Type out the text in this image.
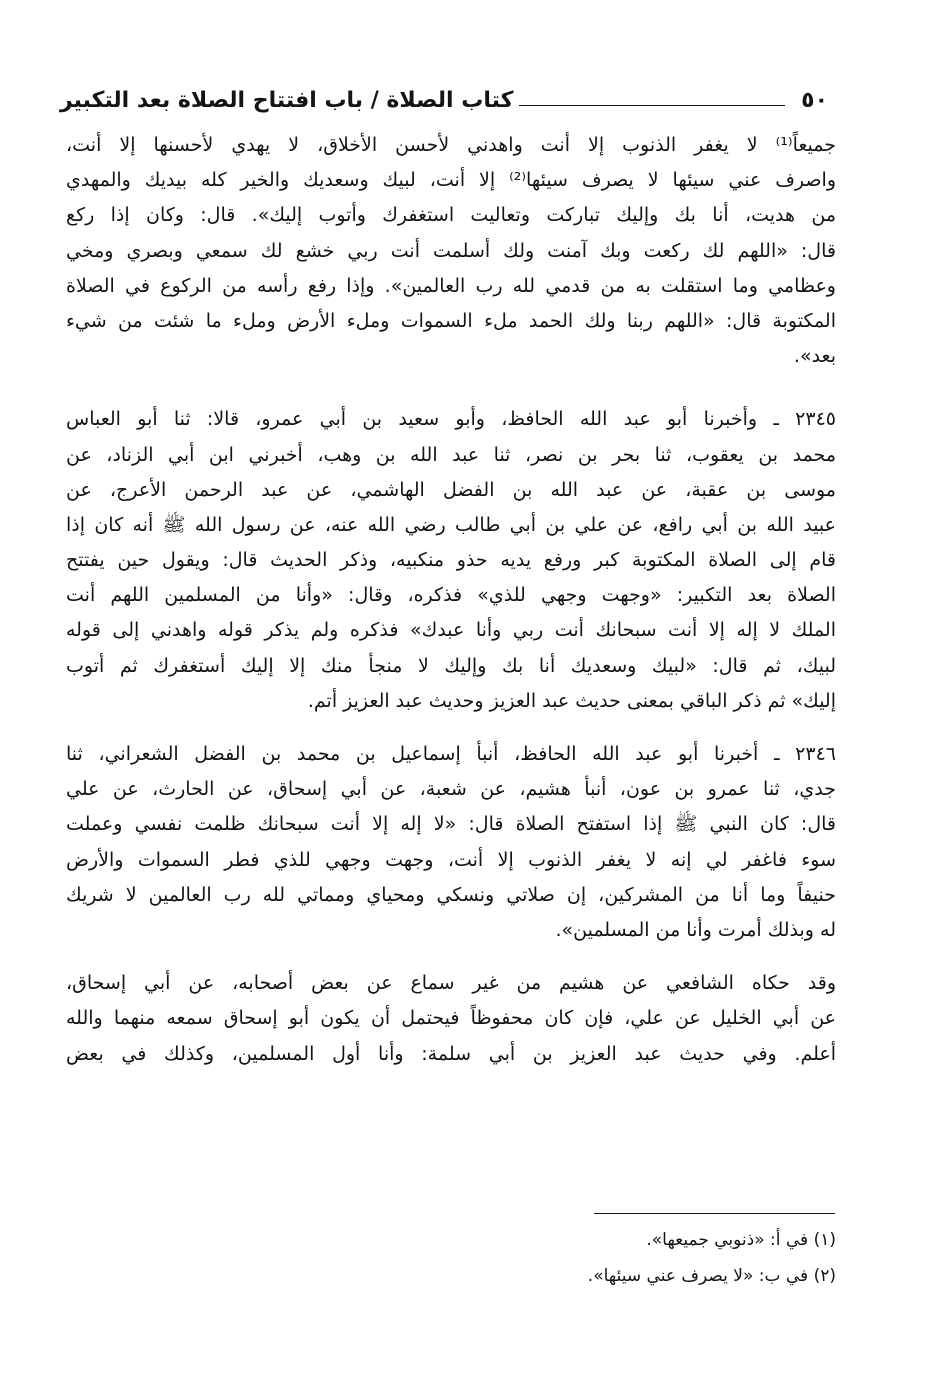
٥٠
كتاب الصلاة / باب افتتاح الصلاة بعد التكبير

جميعاً⁽¹⁾ لا يغفر الذنوب إلا أنت واهدني لأحسن الأخلاق، لا يهدي لأحسنها إلا أنت،
واصرف عني سيئها لا يصرف سيئها⁽²⁾ إلا أنت، لبيك وسعديك والخير كله بيديك والمهدي
من هديت، أنا بك وإليك تباركت وتعاليت استغفرك وأتوب إليك». قال: وكان إذا ركع
قال: «اللهم لك ركعت وبك آمنت ولك أسلمت أنت ربي خشع لك سمعي وبصري ومخي
وعظامي وما استقلت به من قدمي لله رب العالمين». وإذا رفع رأسه من الركوع في الصلاة
المكتوبة قال: «اللهم ربنا ولك الحمد ملء السموات وملء الأرض وملء ما شئت من شيء
بعد».

٢٣٤٥ ـ وأخبرنا أبو عبد الله الحافظ، وأبو سعيد بن أبي عمرو، قالا: ثنا أبو العباس
محمد بن يعقوب، ثنا بحر بن نصر، ثنا عبد الله بن وهب، أخبرني ابن أبي الزناد، عن
موسى بن عقبة، عن عبد الله بن الفضل الهاشمي، عن عبد الرحمن الأعرج، عن
عبيد الله بن أبي رافع، عن علي بن أبي طالب رضي الله عنه، عن رسول الله ﷺ أنه كان إذا
قام إلى الصلاة المكتوبة كبر ورفع يديه حذو منكبيه، وذكر الحديث قال: ويقول حين يفتتح
الصلاة بعد التكبير: «وجهت وجهي للذي» فذكره، وقال: «وأنا من المسلمين اللهم أنت
الملك لا إله إلا أنت سبحانك أنت ربي وأنا عبدك» فذكره ولم يذكر قوله واهدني إلى قوله
لبيك، ثم قال: «لبيك وسعديك أنا بك وإليك لا منجأ منك إلا إليك أستغفرك ثم أتوب
إليك» ثم ذكر الباقي بمعنى حديث عبد العزيز وحديث عبد العزيز أتم.

٢٣٤٦ ـ أخبرنا أبو عبد الله الحافظ، أنبأ إسماعيل بن محمد بن الفضل الشعراني، ثنا
جدي، ثنا عمرو بن عون، أنبأ هشيم، عن شعبة، عن أبي إسحاق، عن الحارث، عن علي
قال: كان النبي ﷺ إذا استفتح الصلاة قال: «لا إله إلا أنت سبحانك ظلمت نفسي وعملت
سوء فاغفر لي إنه لا يغفر الذنوب إلا أنت، وجهت وجهي للذي فطر السموات والأرض
حنيفاً وما أنا من المشركين، إن صلاتي ونسكي ومحياي ومماتي لله رب العالمين لا شريك
له وبذلك أمرت وأنا من المسلمين».

وقد حكاه الشافعي عن هشيم من غير سماع عن بعض أصحابه، عن أبي إسحاق،
عن أبي الخليل عن علي، فإن كان محفوظاً فيحتمل أن يكون أبو إسحاق سمعه منهما والله
أعلم. وفي حديث عبد العزيز بن أبي سلمة: وأنا أول المسلمين، وكذلك في بعض

(١) في أ: «ذنوبي جميعها».
(٢) في ب: «لا يصرف عني سيئها».
